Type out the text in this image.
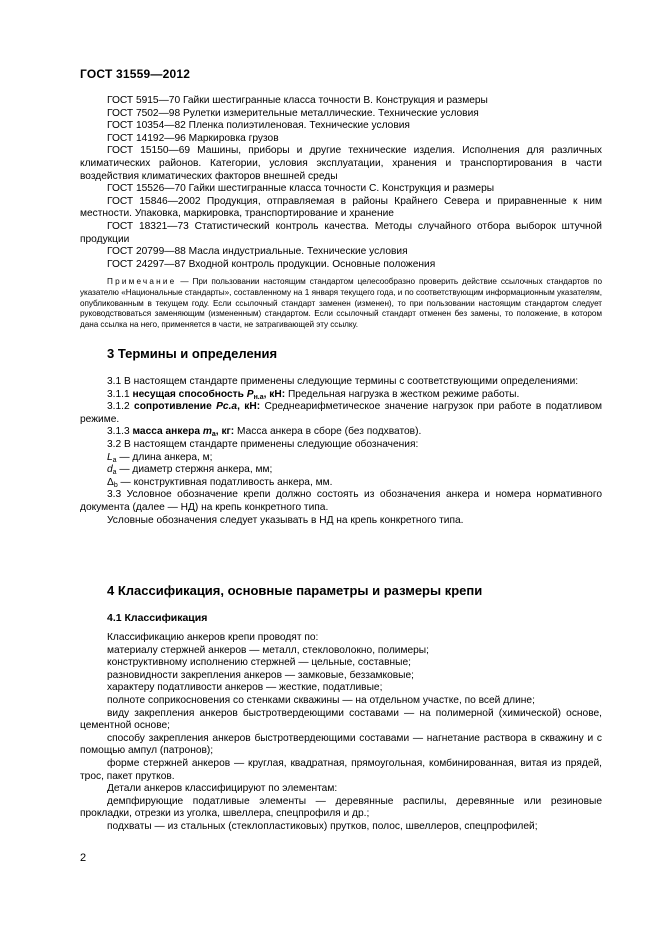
ГОСТ 31559—2012

ГОСТ 5915—70 Гайки шестигранные класса точности В. Конструкция и размеры

ГОСТ 7502—98 Рулетки измерительные металлические. Технические условия

ГОСТ 10354—82 Пленка полиэтиленовая. Технические условия

ГОСТ 14192—96 Маркировка грузов

ГОСТ 15150—69 Машины, приборы и другие технические изделия. Исполнения для различных климатических районов. Категории, условия эксплуатации, хранения и транспортирования в части воздействия климатических факторов внешней среды

ГОСТ 15526—70 Гайки шестигранные класса точности С. Конструкция и размеры

ГОСТ 15846—2002 Продукция, отправляемая в районы Крайнего Севера и приравненные к ним местности. Упаковка, маркировка, транспортирование и хранение

ГОСТ 18321—73 Статистический контроль качества. Методы случайного отбора выборок штучной продукции

ГОСТ 20799—88 Масла индустриальные. Технические условия

ГОСТ 24297—87 Входной контроль продукции. Основные положения

Примечание — При пользовании настоящим стандартом целесообразно проверить действие ссылочных стандартов по указателю «Национальные стандарты», составленному на 1 января текущего года, и по соответствующим информационным указателям, опубликованным в текущем году. Если ссылочный стандарт заменен (изменен), то при пользовании настоящим стандартом следует руководствоваться заменяющим (измененным) стандартом. Если ссылочный стандарт отменен без замены, то положение, в котором дана ссылка на него, применяется в части, не затрагивающей эту ссылку.

3 Термины и определения

3.1 В настоящем стандарте применены следующие термины с соответствующими определениями:

3.1.1 несущая способность $Р_{н.а}$, кН: Предельная нагрузка в жестком режиме работы.

3.1.2 сопротивление Рс.а, кН: Среднеарифметическое значение нагрузок при работе в податливом режиме.

3.1.3 масса анкера $m_а$, кг: Масса анкера в сборе (без подхватов).

3.2 В настоящем стандарте применены следующие обозначения:

$L_а$ — длина анкера, м;

$d_а$ — диаметр стержня анкера, мм;

$\Delta_b$ — конструктивная податливость анкера, мм.

3.3 Условное обозначение крепи должно состоять из обозначения анкера и номера нормативного документа (далее — НД) на крепь конкретного типа.

Условные обозначения следует указывать в НД на крепь конкретного типа.

4 Классификация, основные параметры и размеры крепи
4.1 Классификация

Классификацию анкеров крепи проводят по:

материалу стержней анкеров — металл, стекловолокно, полимеры;

конструктивному исполнению стержней — цельные, составные;

разновидности закрепления анкеров — замковые, беззамковые;

характеру податливости анкеров — жесткие, податливые;

полноте соприкосновения со стенками скважины — на отдельном участке, по всей длине;

виду закрепления анкеров быстротвердеющими составами — на полимерной (химической) основе, цементной основе;

способу закрепления анкеров быстротвердеющими составами — нагнетание раствора в скважину и с помощью ампул (патронов);

форме стержней анкеров — круглая, квадратная, прямоугольная, комбинированная, витая из прядей, трос, пакет прутков.

Детали анкеров классифицируют по элементам:

демпфирующие податливые элементы — деревянные распилы, деревянные или резиновые прокладки, отрезки из уголка, швеллера, спецпрофиля и др.;

подхваты — из стальных (стеклопластиковых) прутков, полос, швеллеров, спецпрофилей;

2
